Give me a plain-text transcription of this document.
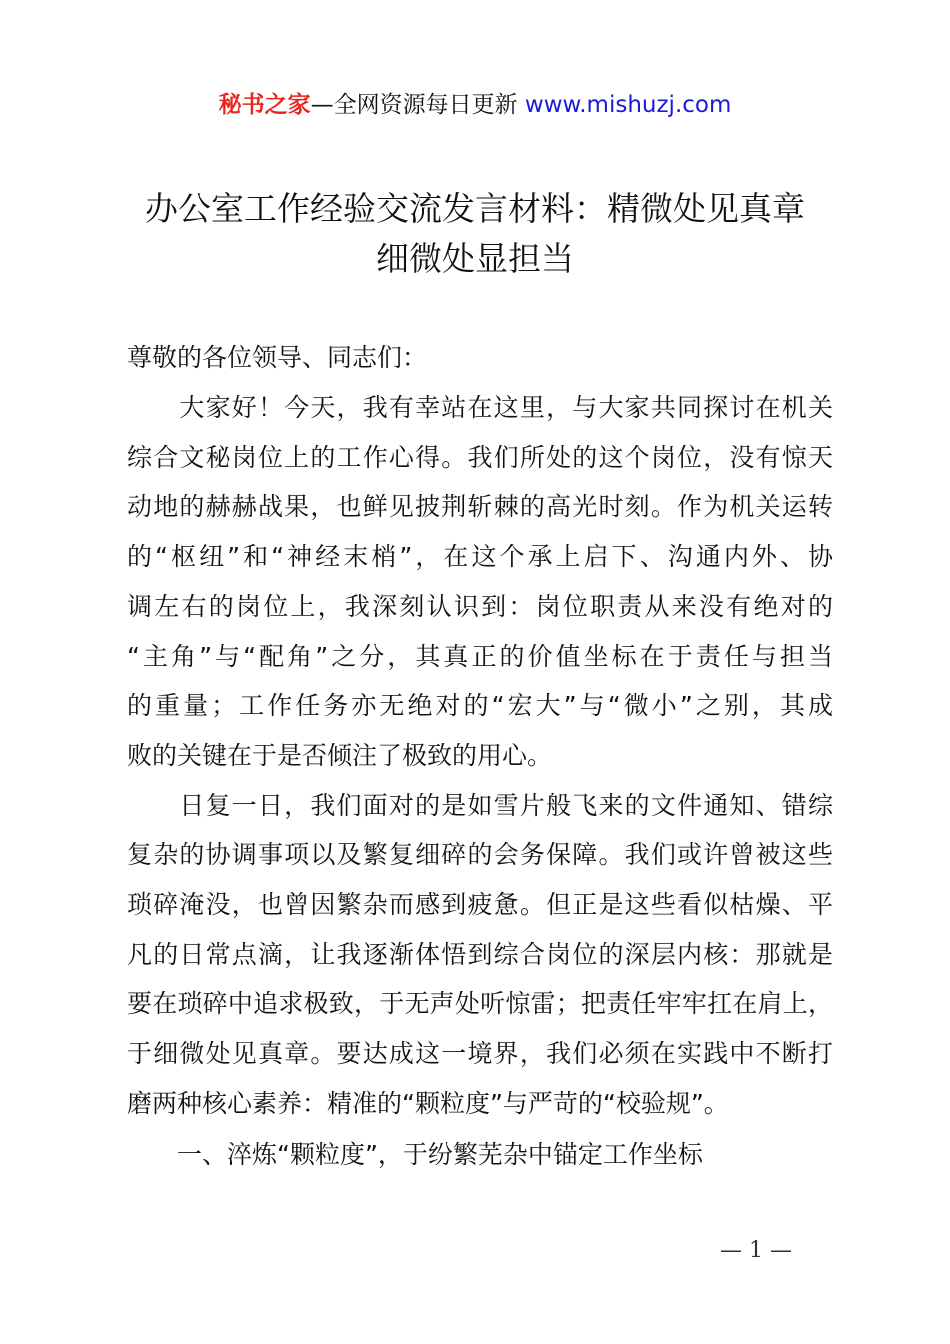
秘书之家—全网资源每日更新 www.mishuzj.com
办公室工作经验交流发言材料：精微处见真章
细微处显担当
尊敬的各位领导、同志们：
　　大家好！今天，我有幸站在这里，与大家共同探讨在机关
综合文秘岗位上的工作心得。我们所处的这个岗位，没有惊天
动地的赫赫战果，也鲜见披荆斩棘的高光时刻。作为机关运转
的“枢纽”和“神经末梢”，在这个承上启下、沟通内外、协
调左右的岗位上，我深刻认识到：岗位职责从来没有绝对的
“主角”与“配角”之分，其真正的价值坐标在于责任与担当
的重量；工作任务亦无绝对的“宏大”与“微小”之别，其成
败的关键在于是否倾注了极致的用心。
　　日复一日，我们面对的是如雪片般飞来的文件通知、错综
复杂的协调事项以及繁复细碎的会务保障。我们或许曾被这些
琐碎淹没，也曾因繁杂而感到疲惫。但正是这些看似枯燥、平
凡的日常点滴，让我逐渐体悟到综合岗位的深层内核：那就是
要在琐碎中追求极致，于无声处听惊雷；把责任牢牢扛在肩上，
于细微处见真章。要达成这一境界，我们必须在实践中不断打
磨两种核心素养：精准的“颗粒度”与严苛的“校验规”。
　　一、淬炼“颗粒度”，于纷繁芜杂中锚定工作坐标
— 1 —
